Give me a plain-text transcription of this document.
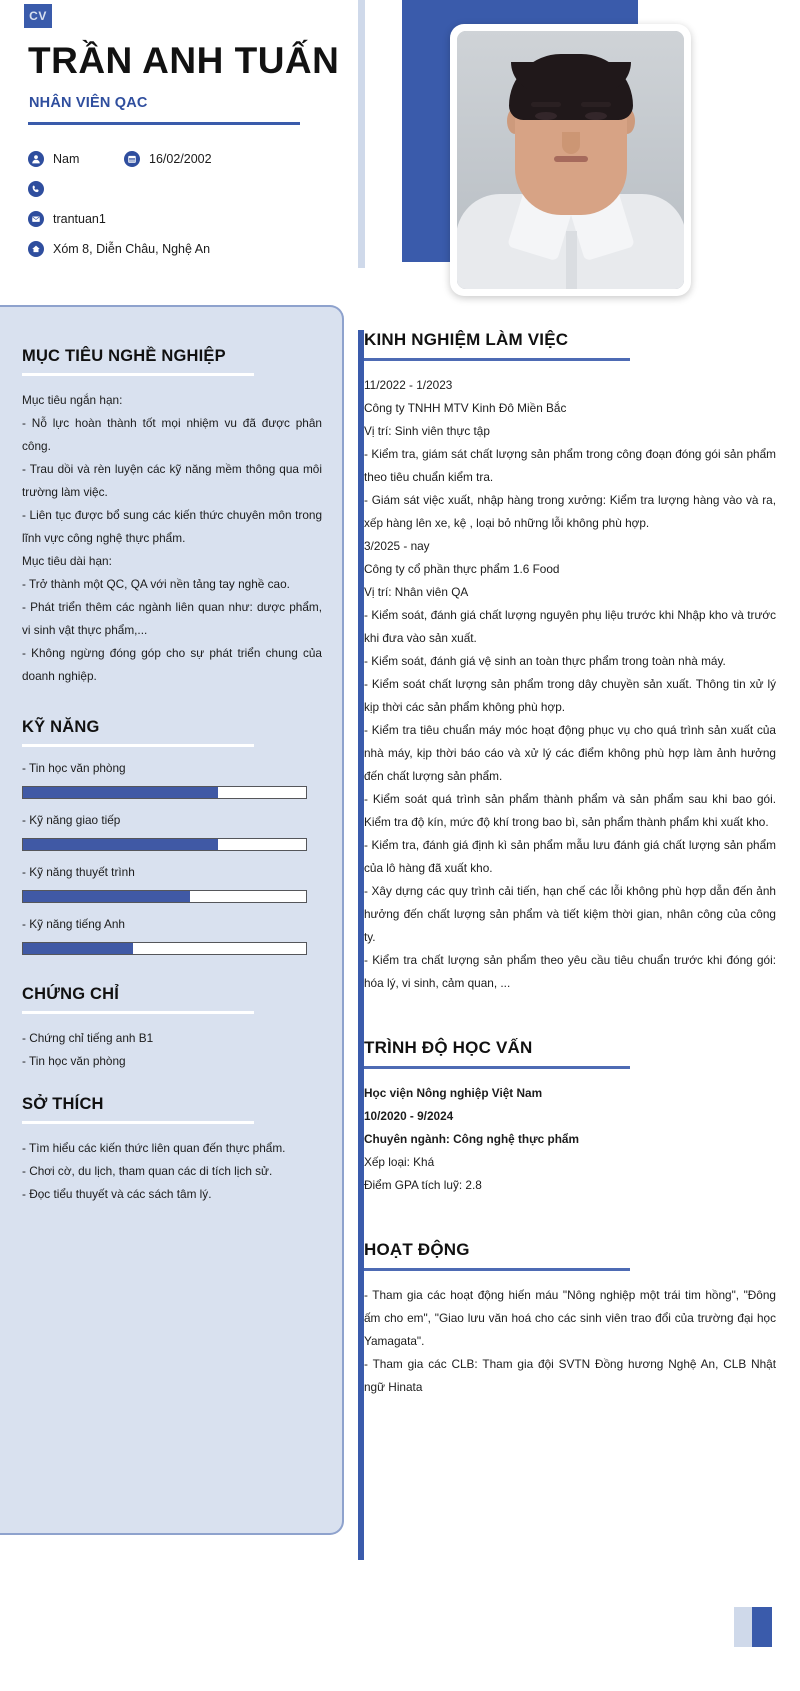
CV
TRẦN ANH TUẤN
NHÂN VIÊN QAC
Nam	16/02/2002
trantuan1
Xóm 8, Diễn Châu, Nghệ An
MỤC TIÊU NGHỀ NGHIỆP
Mục tiêu ngắn hạn:
- Nỗ lực hoàn thành tốt mọi nhiệm vu đã được phân công.
- Trau dồi và rèn luyện các kỹ năng mềm thông qua môi trường làm việc.
- Liên tục được bổ sung các kiến thức chuyên môn trong lĩnh vực công nghệ thực phẩm.
Mục tiêu dài hạn:
- Trở thành một QC, QA với nền tảng tay nghề cao.
- Phát triển thêm các ngành liên quan như: dược phẩm, vi sinh vật thực phẩm,...
- Không ngừng đóng góp cho sự phát triển chung của doanh nghiệp.
KỸ NĂNG
- Tin học văn phòng
- Kỹ năng giao tiếp
- Kỹ năng thuyết trình
- Kỹ năng tiếng Anh
CHỨNG CHỈ
- Chứng chỉ tiếng anh B1
- Tin học văn phòng
SỞ THÍCH
- Tìm hiểu các kiến thức liên quan đến thực phẩm.
- Chơi cờ, du lịch, tham quan các di tích lịch sử.
- Đọc tiểu thuyết và các sách tâm lý.
KINH NGHIỆM LÀM VIỆC
11/2022 - 1/2023
Công ty TNHH MTV Kinh Đô Miền Bắc
Vị trí: Sinh viên thực tập
- Kiểm tra, giám sát chất lượng sản phẩm trong công đoạn đóng gói sản phẩm theo tiêu chuẩn kiểm tra.
- Giám sát việc xuất, nhập hàng trong xưởng: Kiểm tra lượng hàng vào và ra, xếp hàng lên xe, kệ , loại bỏ những lỗi không phù hợp.
3/2025 - nay
Công ty cổ phần thực phẩm 1.6 Food
Vị trí: Nhân viên QA
- Kiểm soát, đánh giá chất lượng nguyên phụ liệu trước khi Nhập kho và trước khi đưa vào sản xuất.
- Kiểm soát, đánh giá vệ sinh an toàn thực phẩm trong toàn nhà máy.
- Kiểm soát chất lượng sản phẩm trong dây chuyền sản xuất. Thông tin xử lý kịp thời các sản phẩm không phù hợp.
- Kiểm tra tiêu chuẩn máy móc hoạt động phục vụ cho quá trình sản xuất của nhà máy, kịp thời báo cáo và xử lý các điểm không phù hợp làm ảnh hưởng đến chất lượng sản phẩm.
- Kiểm soát quá trình sản phẩm thành phẩm và sản phẩm sau khi bao gói. Kiểm tra độ kín, mức độ khí trong bao bì, sản phẩm thành phẩm khi xuất kho.
- Kiểm tra, đánh giá định kì sản phẩm mẫu lưu đánh giá chất lượng sản phẩm của lô hàng đã xuất kho.
- Xây dựng các quy trình cải tiến, hạn chế các lỗi không phù hợp dẫn đến ảnh hưởng đến chất lượng sản phẩm và tiết kiệm thời gian, nhân công của công ty.
- Kiểm tra chất lượng sản phẩm theo yêu cầu tiêu chuẩn trước khi đóng gói: hóa lý, vi sinh, cảm quan, ...
TRÌNH ĐỘ HỌC VẤN
Học viện Nông nghiệp Việt Nam
10/2020 - 9/2024
Chuyên ngành: Công nghệ thực phẩm
Xếp loại: Khá
Điểm GPA tích luỹ: 2.8
HOẠT ĐỘNG
- Tham gia các hoạt động hiến máu "Nông nghiệp một trái tim hồng", "Đông ấm cho em", "Giao lưu văn hoá cho các sinh viên trao đổi của trường đại học Yamagata".
- Tham gia các CLB: Tham gia đội SVTN Đồng hương Nghệ An, CLB Nhật ngữ Hinata
